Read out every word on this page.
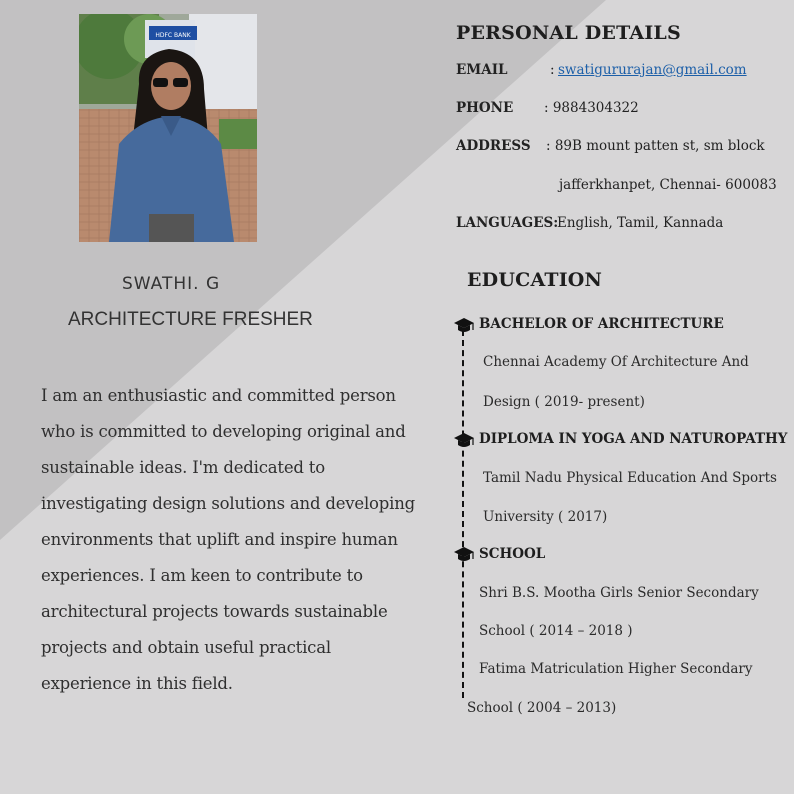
HDFC BANK
SWATHI. G
ARCHITECTURE FRESHER
I am an enthusiastic and committed person who is committed to developing original and sustainable ideas. I'm dedicated to investigating design solutions and developing environments that uplift and inspire human experiences. I am keen to contribute to architectural projects towards sustainable projects and obtain useful practical experience in this field.
PERSONAL DETAILS
EMAIL	: swatigururajan@gmail.com
PHONE : 9884304322
ADDRESS : 89B mount patten st, sm block
jafferkhanpet, Chennai- 600083
LANGUAGES:
English, Tamil, Kannada
EDUCATION
BACHELOR OF ARCHITECTURE
Chennai Academy Of Architecture And
Design ( 2019- present)
DIPLOMA IN YOGA AND NATUROPATHY
Tamil Nadu Physical Education And Sports
University ( 2017)
SCHOOL
Shri B.S. Mootha Girls Senior Secondary
School ( 2014 – 2018 )
Fatima Matriculation Higher Secondary
School ( 2004 – 2013)
